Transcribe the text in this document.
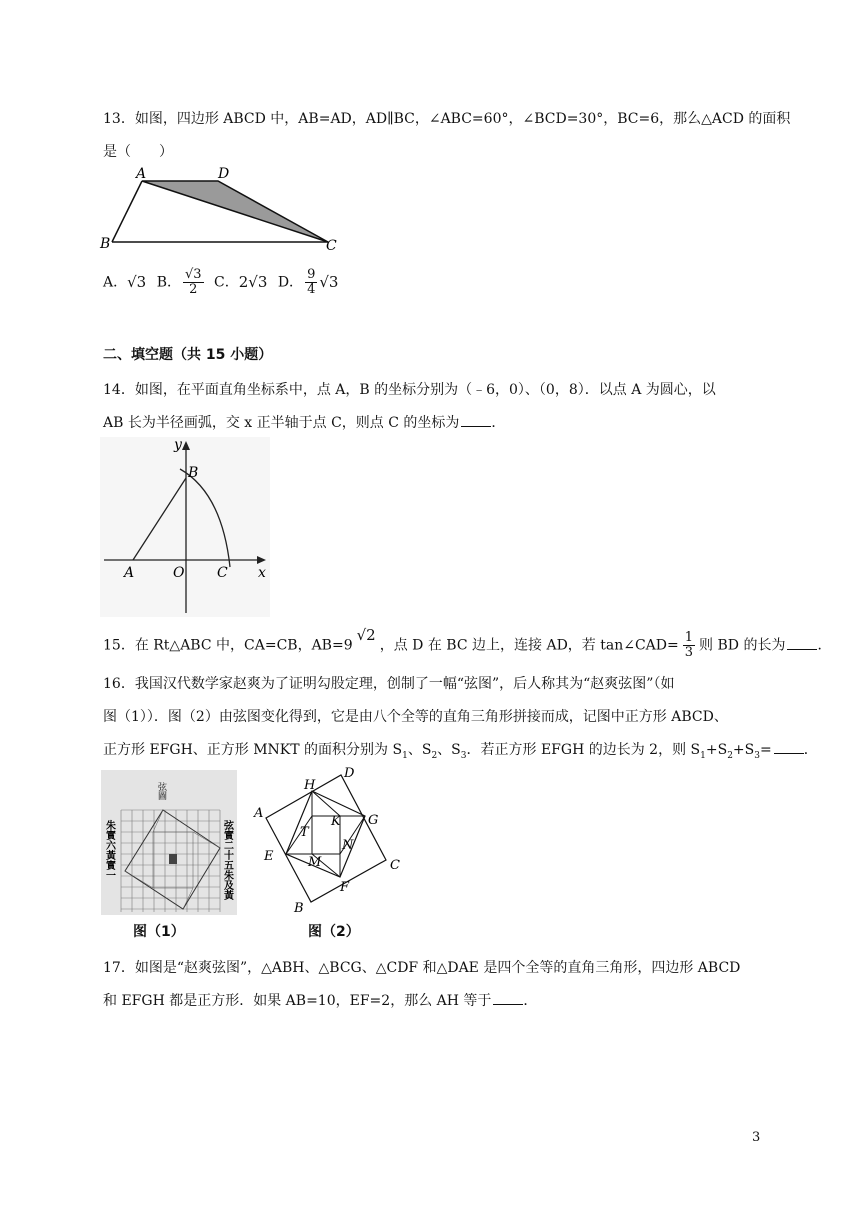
13．如图，四边形 ABCD 中，AB=AD，AD∥BC，∠ABC=60°，∠BCD=30°，BC=6，那么△ACD 的面积
是（　　）
A	D
B	C
A．√3 B． $\frac{√3}{2}$ C．2√3 D． $\frac{9}{4} √3$
二、填空题（共 15 小题）
14．如图，在平面直角坐标系中，点 A，B 的坐标分别为（﹣6，0）、（0，8）．以点 A 为圆心，以
AB 长为半径画弧，交 x 正半轴于点 C，则点 C 的坐标为 ．
y
B
A	O C x
15．在 Rt△ABC 中，CA=CB，AB=9√2，点 D 在 BC 边上，连接 AD，若 tan∠CAD= $\frac{1}{3}$ 则 BD 的长为 ．
16．我国汉代数学家赵爽为了证明勾股定理，创制了一幅“弦图”，后人称其为“赵爽弦图”（如
图（1））．图（2）由弦图变化得到，它是由八个全等的直角三角形拼接而成，记图中正方形 ABCD、
正方形 EFGH、正方形 MNKT 的面积分别为 $S_1$、$S_2$、$S_3$．若正方形 EFGH 的边长为 2，则 $S_1+S_2+S_3=$ ．
弦圖
朱實六黃實一	弦實二十五朱及黃
图（1）
D
H
A
K G
T
N
E	M	C
F
B
图（2）
17．如图是“赵爽弦图”，△ABH、△BCG、△CDF 和△DAE 是四个全等的直角三角形，四边形 ABCD
和 EFGH 都是正方形．如果 AB=10，EF=2，那么 AH 等于 ．
3
